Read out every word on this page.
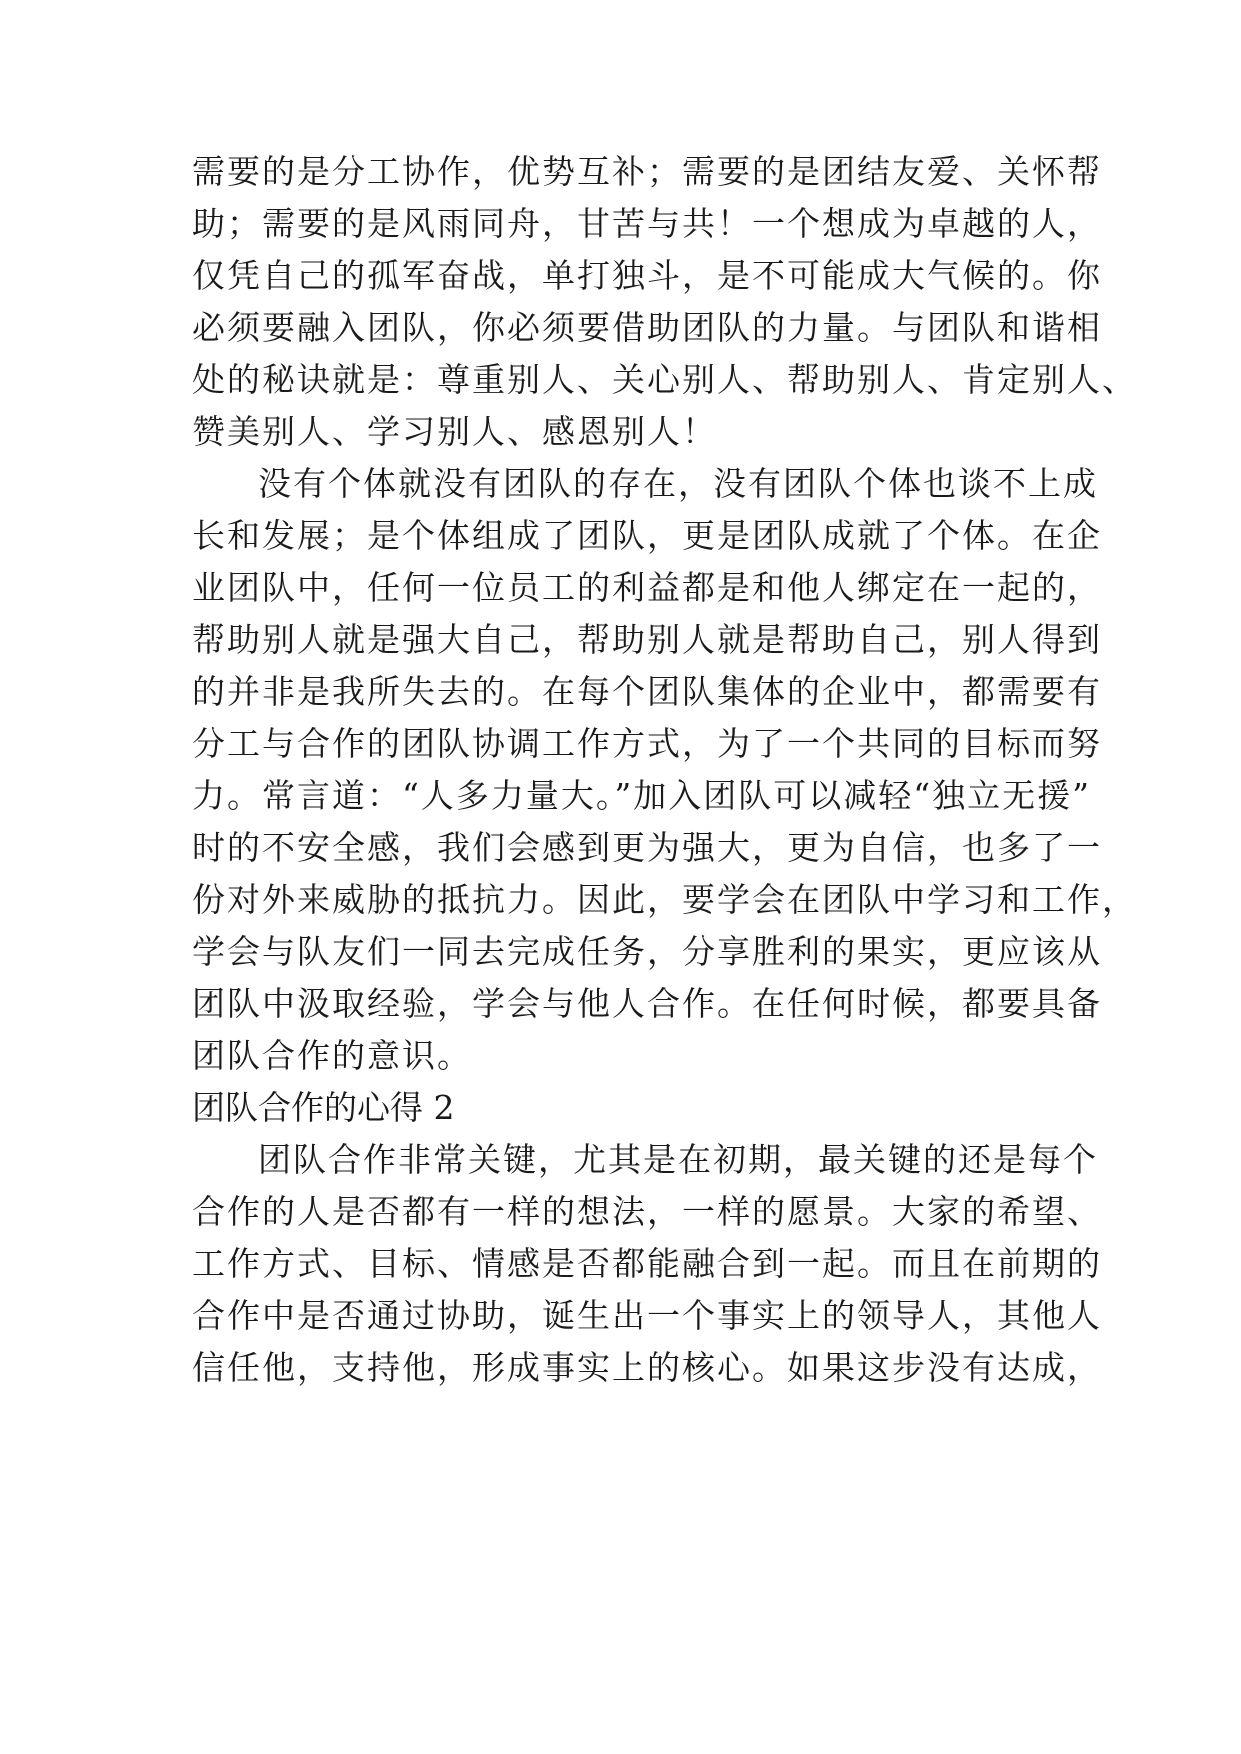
需要的是分工协作，优势互补；需要的是团结友爱、关怀帮
助；需要的是风雨同舟，甘苦与共！一个想成为卓越的人，
仅凭自己的孤军奋战，单打独斗，是不可能成大气候的。你
必须要融入团队，你必须要借助团队的力量。与团队和谐相
处的秘诀就是：尊重别人、关心别人、帮助别人、肯定别人、
赞美别人、学习别人、感恩别人！
没有个体就没有团队的存在，没有团队个体也谈不上成
长和发展；是个体组成了团队，更是团队成就了个体。在企
业团队中，任何一位员工的利益都是和他人绑定在一起的，
帮助别人就是强大自己，帮助别人就是帮助自己，别人得到
的并非是我所失去的。在每个团队集体的企业中，都需要有
分工与合作的团队协调工作方式，为了一个共同的目标而努
力。常言道：“人多力量大。”加入团队可以减轻“独立无援”
时的不安全感，我们会感到更为强大，更为自信，也多了一
份对外来威胁的抵抗力。因此，要学会在团队中学习和工作，
学会与队友们一同去完成任务，分享胜利的果实，更应该从
团队中汲取经验，学会与他人合作。在任何时候，都要具备
团队合作的意识。
团队合作的心得 2
团队合作非常关键，尤其是在初期，最关键的还是每个
合作的人是否都有一样的想法，一样的愿景。大家的希望、
工作方式、目标、情感是否都能融合到一起。而且在前期的
合作中是否通过协助，诞生出一个事实上的领导人，其他人
信任他，支持他，形成事实上的核心。如果这步没有达成，
